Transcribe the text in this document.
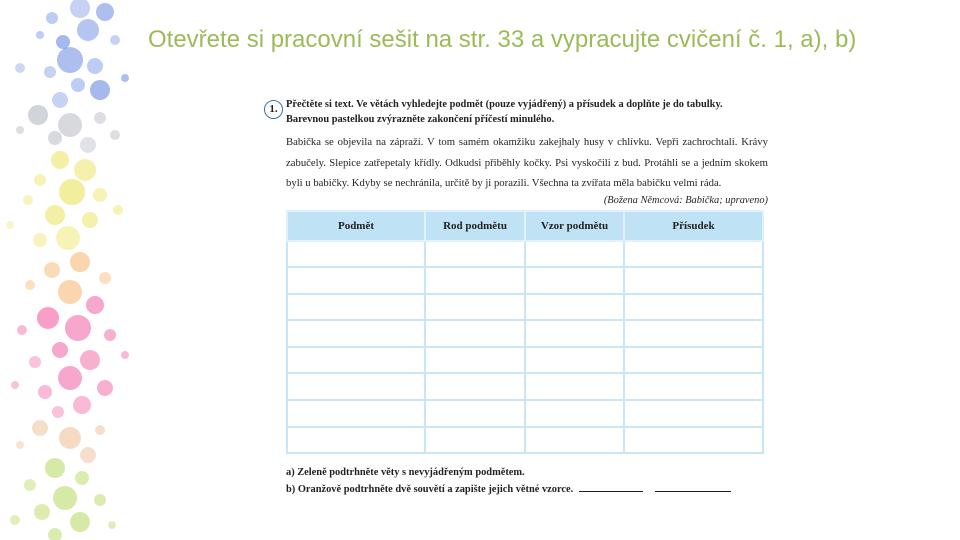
Otevřete si pracovní sešit na str. 33 a vypracujte cvičení č. 1, a), b)
1. Přečtěte si text. Ve větách vyhledejte podmět (pouze vyjádřený) a přísudek a doplňte je do tabulky. Barevnou pastelkou zvýrazněte zakončení příčestí minulého.
Babička se objevila na zápraží. V tom samém okamžiku zakejhaly husy v chlívku. Vepři zachrochtali. Krávy zabučely. Slepice zatřepetaly křídly. Odkudsi přiběhly kočky. Psi vyskočili z bud. Protáhli se a jedním skokem byli u babičky. Kdyby se nechránila, určitě by ji porazili. Všechna ta zvířata měla babičku velmi ráda.
(Božena Němcová: Babička; upraveno)
Podmět	Rod podmětu	Vzor podmětu	Přísudek

a) Zeleně podtrhněte věty s nevyjádřeným podmětem.
b) Oranžově podtrhněte dvě souvětí a zapište jejich větné vzorce.
